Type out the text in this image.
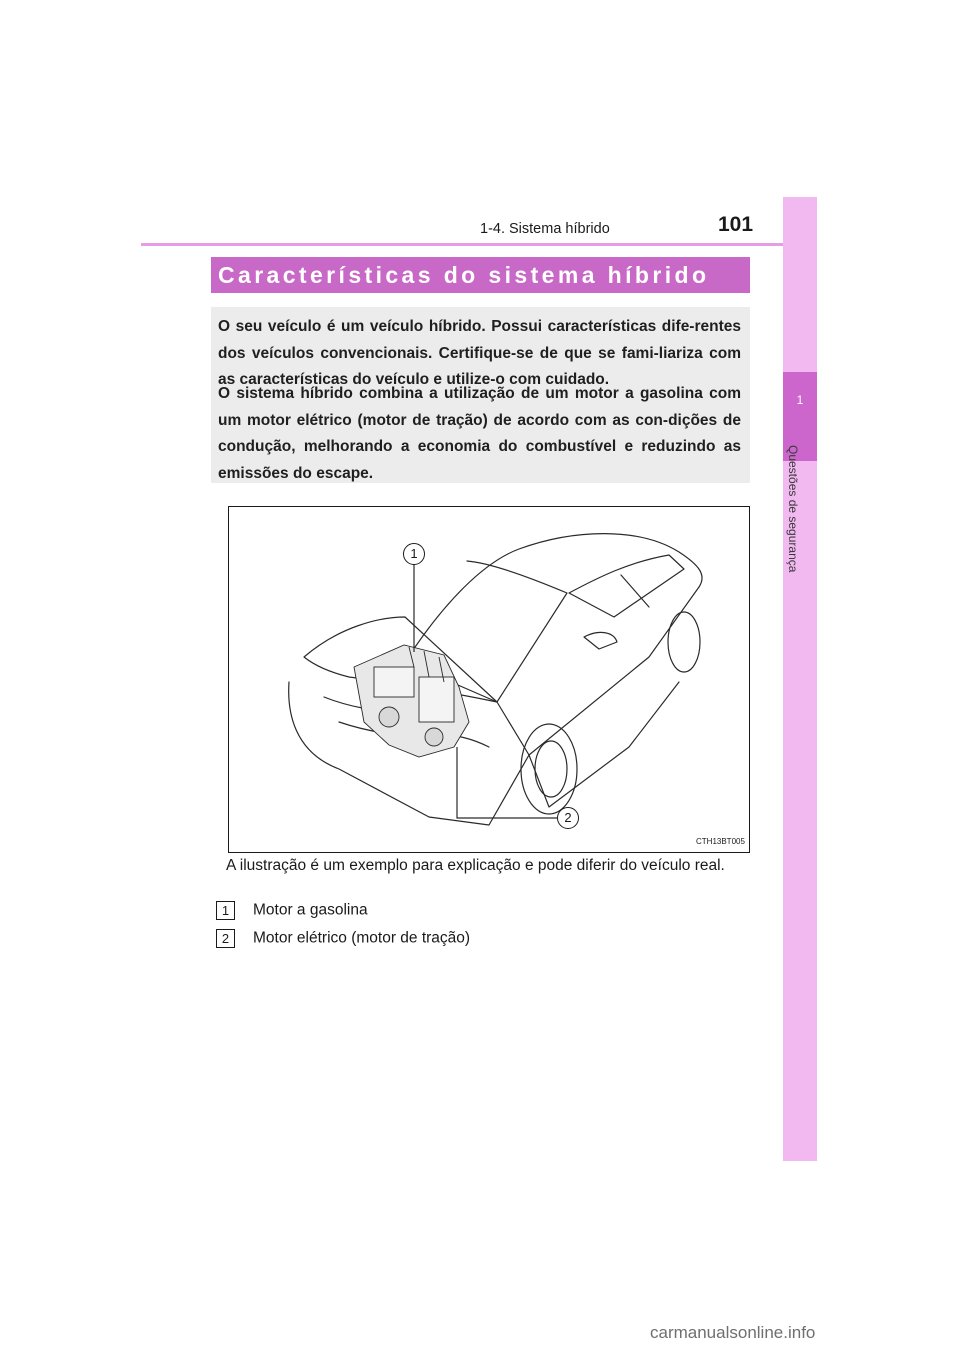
101
1-4. Sistema híbrido
1
Questões de segurança
Características do sistema híbrido
O seu veículo é um veículo híbrido. Possui características dife-rentes dos veículos convencionais. Certifique-se de que se fami-liariza com as características do veículo e utilize-o com cuidado.
O sistema híbrido combina a utilização de um motor a gasolina com um motor elétrico (motor de tração) de acordo com as con-dições de condução, melhorando a economia do combustível e reduzindo as emissões do escape.
1
2
CTH13BT005
A ilustração é um exemplo para explicação e pode diferir do veículo real.
1 Motor a gasolina
2 Motor elétrico (motor de tração)
carmanualsonline.info
